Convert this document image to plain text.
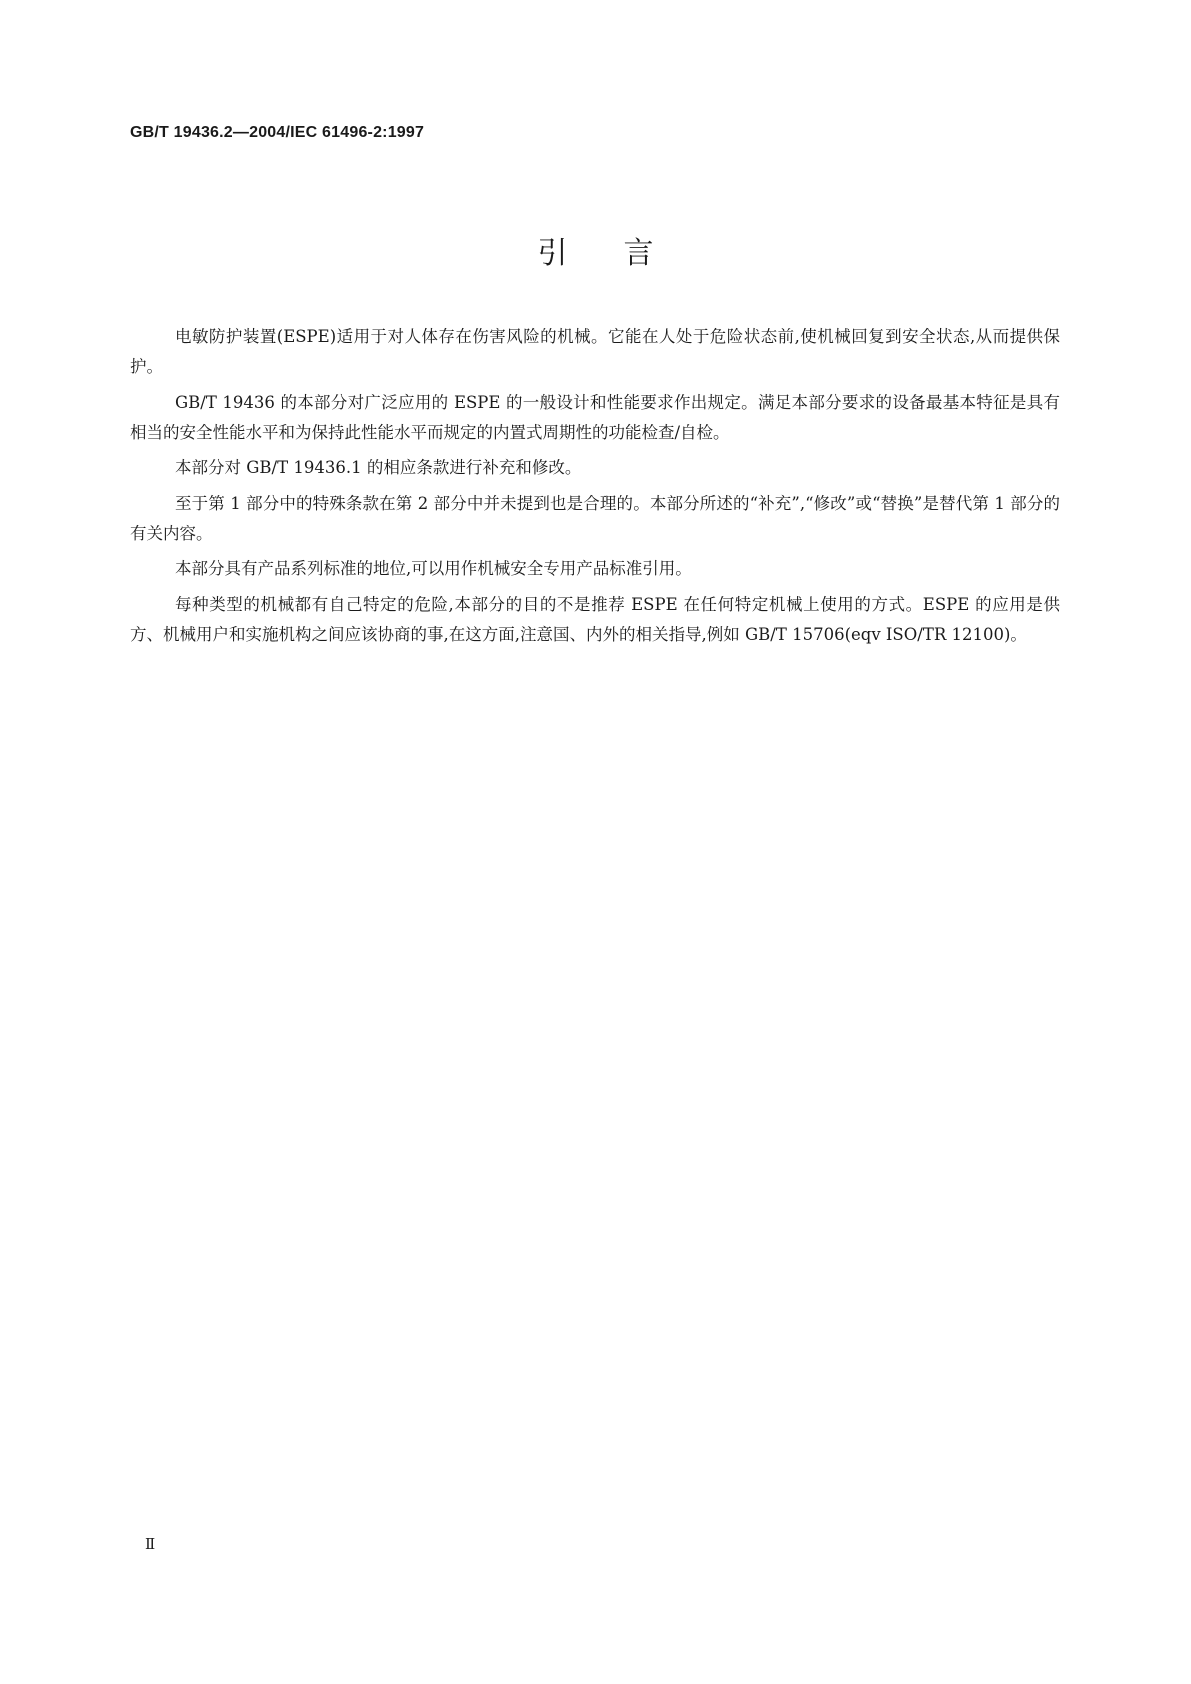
GB/T 19436.2—2004/IEC 61496-2:1997
引言

电敏防护装置(ESPE)适用于对人体存在伤害风险的机械。它能在人处于危险状态前,使机械回复到安全状态,从而提供保护。

GB/T 19436 的本部分对广泛应用的 ESPE 的一般设计和性能要求作出规定。满足本部分要求的设备最基本特征是具有相当的安全性能水平和为保持此性能水平而规定的内置式周期性的功能检查/自检。

本部分对 GB/T 19436.1 的相应条款进行补充和修改。

至于第 1 部分中的特殊条款在第 2 部分中并未提到也是合理的。本部分所述的“补充”,“修改”或“替换”是替代第 1 部分的有关内容。

本部分具有产品系列标准的地位,可以用作机械安全专用产品标准引用。

每种类型的机械都有自己特定的危险,本部分的目的不是推荐 ESPE 在任何特定机械上使用的方式。ESPE 的应用是供方、机械用户和实施机构之间应该协商的事,在这方面,注意国、内外的相关指导,例如 GB/T 15706(eqv ISO/TR 12100)。

Ⅱ
